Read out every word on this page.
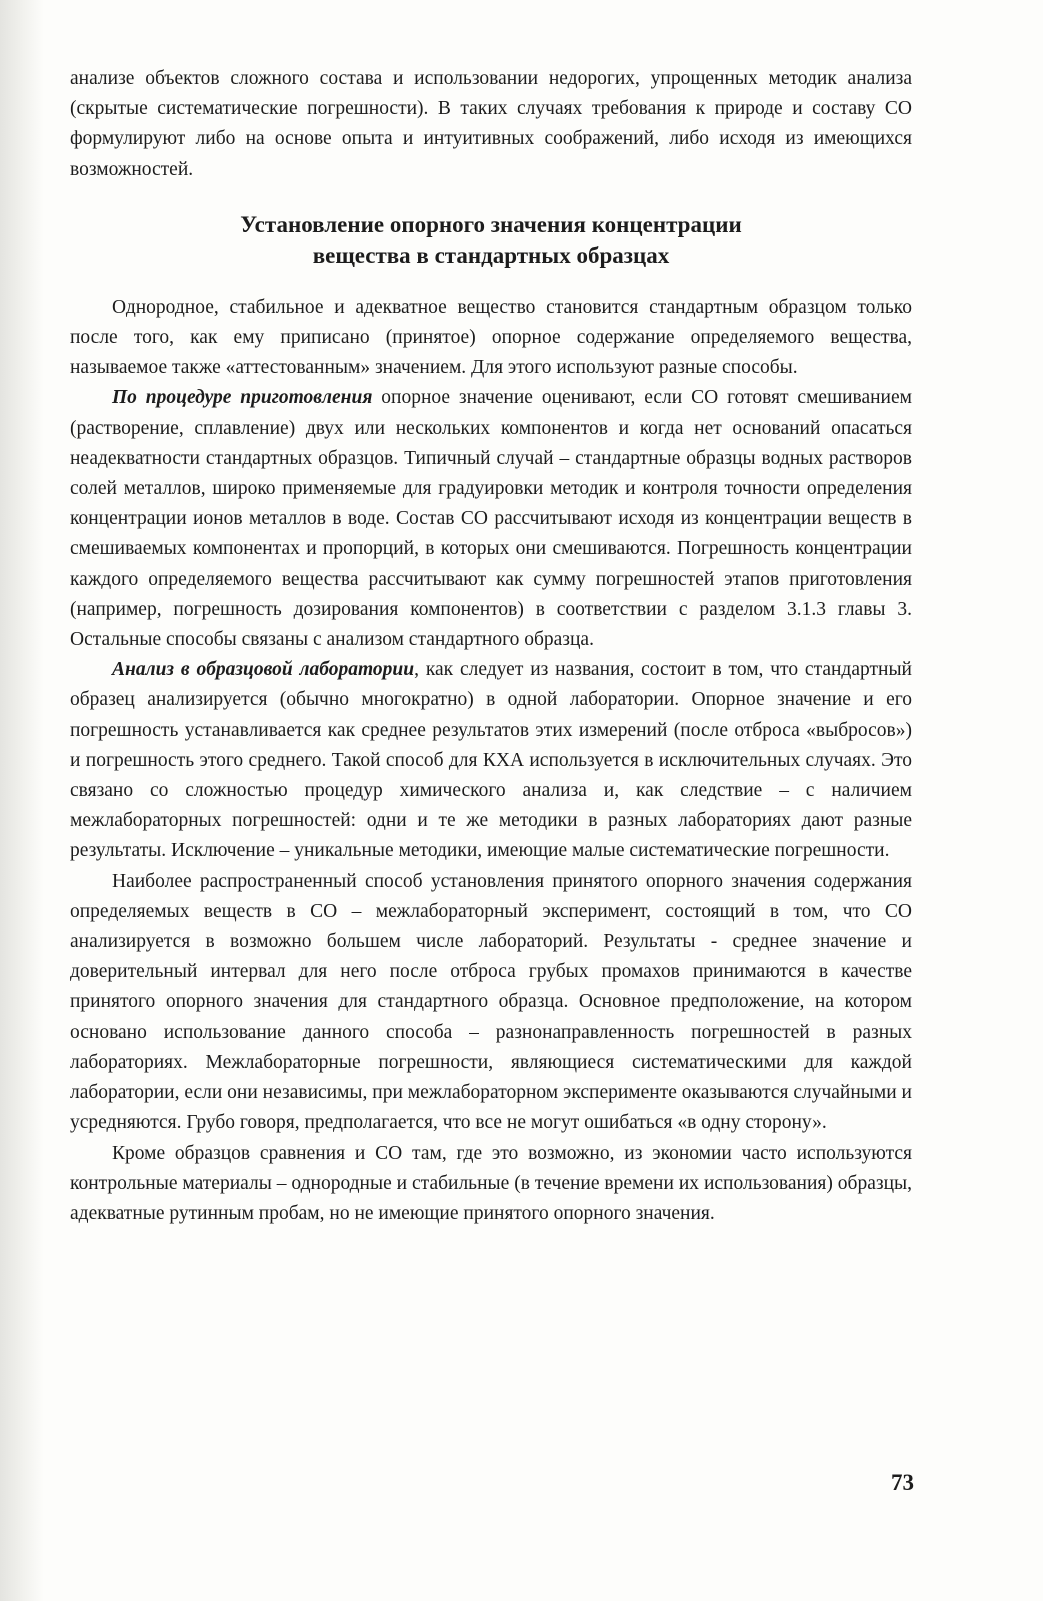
анализе объектов сложного состава и использовании недорогих, упрощенных методик анализа (скрытые систематические погрешности). В таких случаях требования к природе и составу СО формулируют либо на основе опыта и интуитивных соображений, либо исходя из имеющихся возможностей.

Установление опорного значения концентрации
вещества в стандартных образцах

Однородное, стабильное и адекватное вещество становится стандартным образцом только после того, как ему приписано (принятое) опорное содержание определяемого вещества, называемое также «аттестованным» значением. Для этого используют разные способы.

По процедуре приготовления опорное значение оценивают, если СО готовят смешиванием (растворение, сплавление) двух или нескольких компонентов и когда нет оснований опасаться неадекватности стандартных образцов. Типичный случай – стандартные образцы водных растворов солей металлов, широко применяемые для градуировки методик и контроля точности определения концентрации ионов металлов в воде. Состав СО рассчитывают исходя из концентрации веществ в смешиваемых компонентах и пропорций, в которых они смешиваются. Погрешность концентрации каждого определяемого вещества рассчитывают как сумму погрешностей этапов приготовления (например, погрешность дозирования компонентов) в соответствии с разделом 3.1.3 главы 3. Остальные способы связаны с анализом стандартного образца.

Анализ в образцовой лаборатории, как следует из названия, состоит в том, что стандартный образец анализируется (обычно многократно) в одной лаборатории. Опорное значение и его погрешность устанавливается как среднее результатов этих измерений (после отброса «выбросов») и погрешность этого среднего. Такой способ для КХА используется в исключительных случаях. Это связано со сложностью процедур химического анализа и, как следствие – с наличием межлабораторных погрешностей: одни и те же методики в разных лабораториях дают разные результаты. Исключение – уникальные методики, имеющие малые систематические погрешности.

Наиболее распространенный способ установления принятого опорного значения содержания определяемых веществ в СО – межлабораторный эксперимент, состоящий в том, что СО анализируется в возможно большем числе лабораторий. Результаты - среднее значение и доверительный интервал для него после отброса грубых промахов принимаются в качестве принятого опорного значения для стандартного образца. Основное предположение, на котором основано использование данного способа – разнонаправленность погрешностей в разных лабораториях. Межлабораторные погрешности, являющиеся систематическими для каждой лаборатории, если они независимы, при межлабораторном эксперименте оказываются случайными и усредняются. Грубо говоря, предполагается, что все не могут ошибаться «в одну сторону».

Кроме образцов сравнения и СО там, где это возможно, из экономии часто используются контрольные материалы – однородные и стабильные (в течение времени их использования) образцы, адекватные рутинным пробам, но не имеющие принятого опорного значения.

73
